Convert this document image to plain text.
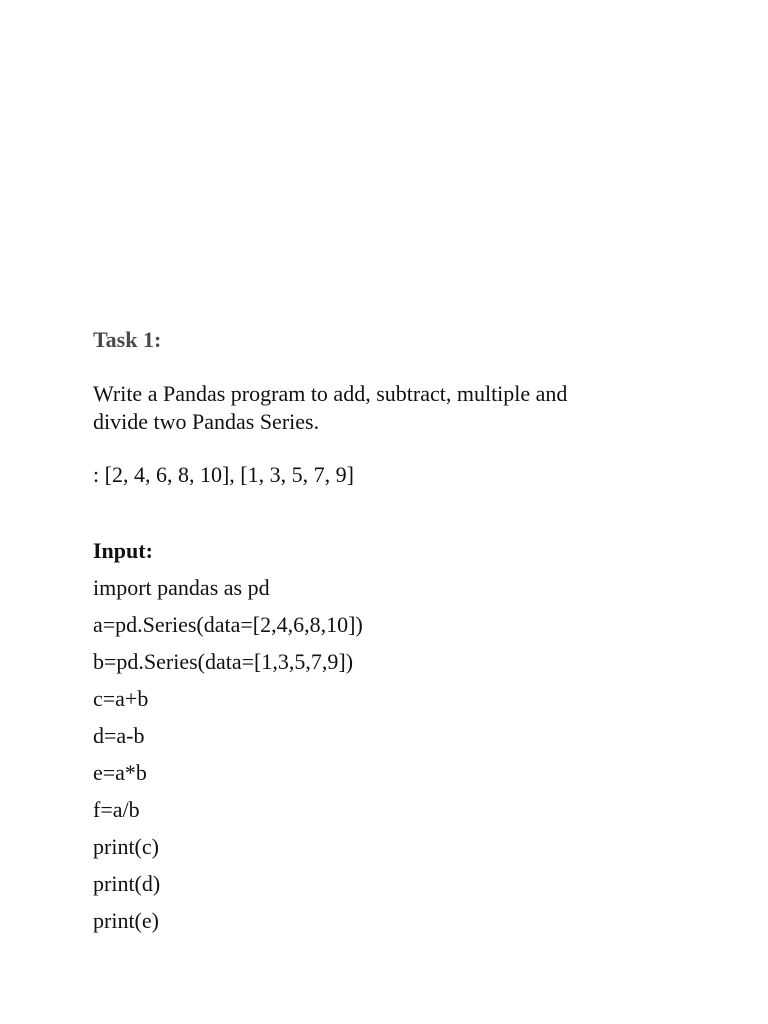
Task 1:

Write a Pandas program to add, subtract, multiple and
divide two Pandas Series.

: [2, 4, 6, 8, 10], [1, 3, 5, 7, 9]

Input:
import pandas as pd
a=pd.Series(data=[2,4,6,8,10])
b=pd.Series(data=[1,3,5,7,9])
c=a+b
d=a-b
e=a*b
f=a/b
print(c)
print(d)
print(e)
